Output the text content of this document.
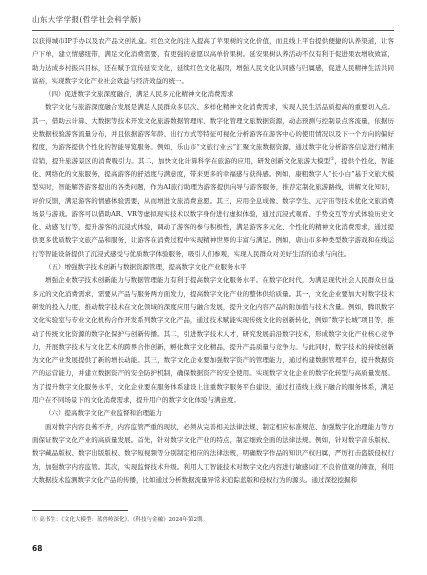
山东大学学报(哲学社会科学版)

以获得城市IP手办以及农产品文创礼盒。红色文化的注入提高了苹果树的文化价值，而且线上平台提供便捷的认养渠道，让客户下单，建立情感纽带，满足文化消费需要，有更强的意愿以高单价果树。延安果树认养活动不仅有利于促进果农增收致富，助力达成乡村振兴目标，还在赋予宣传延安文化，延续红色文化基因，增强人民文化认同感与归属感，促进人民精神生活共同富裕，实现数字文化产业社会效益与经济效益的统一。

（四）促进数字文旅深度融合，满足人民多元化精神文化消费需求

数字文化与旅游深度融合发展是满足人民群众多层次、多样化精神文化消费需求，实现人民生活品质提高的重要切入点。其一，借助云计算、大数据等技术开发文化旅游数据管理库，数字化管理文旅数据资源，动态预测与控制景点客流量，依据历史数据校验游客流量分布，并且依据游客年龄、出行方式等特征可视化分析游客在游客中心的使用情况以及下一个方向的偏好程度，为游客提供个性化的智能导览服务。例如，乐山市“文旅行业云”汇聚文旅数据资源，通过数字化分析游客信息进行精准营销，提升旅游景区的消费吸引力。其二，加快文化计算科学在旅游的应用，研发创新文化旅游大模型①，提供个性化、智能化、网络化的文旅服务，提高游客的舒适度与满意度，带来更多的幸福感与获得感。例如，康粗数字人“长小白”基于文旅大模型实时，智能解答游客提出的各类问题，作为AI旅行助理为游客提供向导与游客服务，推荐定制化旅游路线，讲解文化知识，评价反馈，满足游客的情感体验需要，从而增进文旅消费意愿。其三，应用全息成像、数字孪生、元宇宙等技术优化文旅消费场景与游戏。游客可以借助AR、VR等虚拟现实技术以数字身份进行虚拟体验，通过沉浸式观看、手势交互等方式体验历史文化、动感飞行等，提升游客的沉浸式体验，调动了游客的参与积极性，满足游客多元化、个性化的精神文化消费需求，通过提供更多优质数字文旅产品和服务，让游客在消费过程中实现精神世界的丰富与满足。例如，唐山市多种类型数字游戏和在线运行等智能设备提供了沉浸式感受与优质数字体验服务，吸引人们参观，实现人民群众对美好生活的追求与向往。

（五）增强数字技术创新与数据资源管理，提高数字文化产业服务水平

增强企业数字技术创新能力与数据管理能力有利于提高数字文化服务水平。在数字化时代，为满足现代社会人民群众日益多元的文化消费需求，需要从产品与服务两方面发力，提高数字文化产业的整体供给质量。其一，文化企业要加大对数字技术研发的投入力度，推动数字技术在文化领域的深度应用与融合发展，提升文化内容产品的附加值与技术含量。例如，腾讯数字文化实验室与专业文化机构合作开发系列数字文化产品，通过技术赋能实现传统文化的创新转化，例如“数字长城”项目等，推动了传统文化资源的数字化保护与创新传播。其二，引进数字技术人才，研究发展前沿数字技术，形成数字文化产业核心竞争力，开展数字技术与文化艺术的跨界合作创新，孵化数字文化精品，提升产品质量与竞争力。与此同时，数字技术的持续创新为文化产业发展提供了新的增长动能。其三，数字文化企业要加强数字资产的管理能力，通过构建数据管理平台，提升数据资产的运营能力，并建立数据资产的安全防护机制，确保数据资产的安全使用。实现数字文化企业的数字化转型与高质量发展。为了提升数字文化服务水平，文化企业要在服务体系建设上注重数字服务平台建设，通过打造线上线下融合的服务体系，满足用户在不同场景下的文化消费需求，提升用户的数字文化体验与满意度。

（六）提高数字文化产业监督和治理能力

面对数字内容良莠不齐，内容监管严重的现状，必须从完善相关法律法规、制定相应标准规范、加强数字化治理能力等方面保证数字文化产业的高质量发展。首先，针对数字文化产业的特点，制定细致全面的法律法规。例如，针对数字音乐版权、数字藏品版权、数字出版版权、数字短视频等分别制定相应的法律法规，明确数字作品的知识产权归属，严厉打击盗版侵权行为，加强数字内容监管。其次，实现监督技术升级。利用人工智能技术对数字文化内容进行敏感词汇不良价值观的筛查，利用大数据技术监测数字文化产品的传播，比如通过分析数据流量异常来追踪蓝版和侵权行为的源头。通过深挖挖掘和

① 高书生：《文化大模型：蓝兽岭深化》，《科技与金融》2024年第2期。
68
